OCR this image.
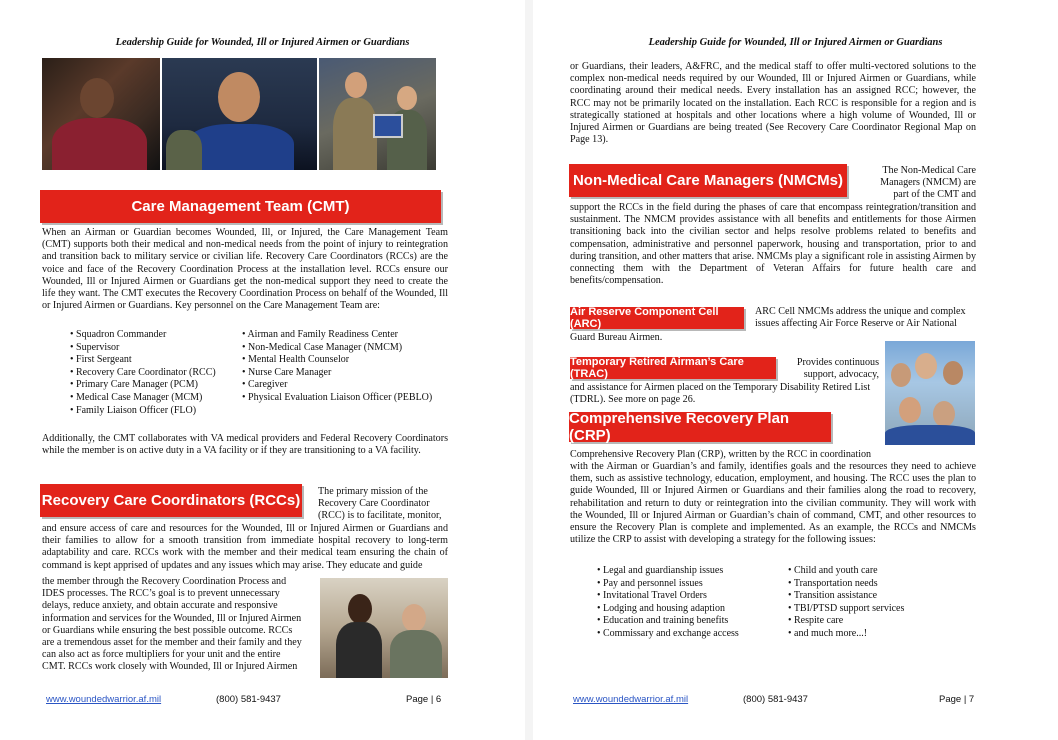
Leadership Guide for Wounded, Ill or Injured Airmen or Guardians
Care Management Team (CMT)
When an Airman or Guardian becomes Wounded, Ill, or Injured, the Care Management Team (CMT) supports both their medical and non-medical needs from the point of injury to reintegration and transition back to military service or civilian life. Recovery Care Coordinators (RCCs) are the voice and face of the Recovery Coordination Process at the installation level. RCCs ensure our Wounded, Ill or Injured Airmen or Guardians get the non-medical support they need to create the life they want. The CMT executes the Recovery Coordination Process on behalf of the Wounded, Ill or Injured Airmen or Guardians. Key personnel on the Care Management Team are:
• Squadron Commander
• Supervisor
• First Sergeant
• Recovery Care Coordinator (RCC)
• Primary Care Manager (PCM)
• Medical Case Manager (MCM)
• Family Liaison Officer (FLO)
• Airman and Family Readiness Center
• Non-Medical Case Manager (NMCM)
• Mental Health Counselor
• Nurse Care Manager
• Caregiver
• Physical Evaluation Liaison Officer (PEBLO)
Additionally, the CMT collaborates with VA medical providers and Federal Recovery Coordinators while the member is on active duty in a VA facility or if they are transitioning to a VA facility.
Recovery Care Coordinators (RCCs)

The primary mission of the

Recovery Care Coordinator

(RCC) is to facilitate, monitor,

and ensure access of care and resources for the Wounded, Ill or Injured Airmen or Guardians and their families to allow for a smooth transition from immediate hospital recovery to long-term adaptability and care. RCCs work with the member and their medical team ensuring the chain of command is kept apprised of updates and any issues which may arise. They educate and guide

the member through the Recovery Coordination Process and

IDES processes. The RCC’s goal is to prevent unnecessary

delays, reduce anxiety, and obtain accurate and responsive

information and services for the Wounded, Ill or Injured Airmen

or Guardians while ensuring the best possible outcome. RCCs

are a tremendous asset for the member and their family and they

can also act as force multipliers for your unit and the entire

CMT. RCCs work closely with Wounded, Ill or Injured Airmen

www.woundedwarrior.af.mil	(800) 581-9437	Page | 6
Leadership Guide for Wounded, Ill or Injured Airmen or Guardians
or Guardians, their leaders, A&FRC, and the medical staff to offer multi-vectored solutions to the complex non-medical needs required by our Wounded, Ill or Injured Airmen or Guardians, while coordinating around their medical needs. Every installation has an assigned RCC; however, the RCC may not be primarily located on the installation. Each RCC is responsible for a region and is strategically stationed at hospitals and other locations where a high volume of Wounded, Ill or Injured Airmen or Guardians are being treated (See Recovery Care Coordinator Regional Map on Page 13).
Non-Medical Care Managers (NMCMs)

The Non-Medical Care

Managers (NMCM) are

part of the CMT and

support the RCCs in the field during the phases of care that encompass reintegration/transition and sustainment. The NMCM provides assistance with all benefits and entitlements for those Airmen transitioning back into the civilian sector and helps resolve problems related to benefits and compensation, administrative and personnel paperwork, housing and transportation, prior to and during transition, and other matters that arise. NMCMs play a significant role in assisting Airmen by connecting them with the Department of Veteran Affairs for future health care and benefits/compensation.
Air Reserve Component Cell (ARC)

ARC Cell NMCMs address the unique and complex

issues affecting Air Force Reserve or Air National

Guard Bureau Airmen.
Temporary Retired Airman’s Care (TRAC)

Provides continuous

support, advocacy,

and assistance for Airmen placed on the Temporary Disability Retired List (TDRL). See more on page 26.
Comprehensive Recovery Plan (CRP)
Comprehensive Recovery Plan (CRP), written by the RCC in coordination
with the Airman or Guardian’s and family, identifies goals and the resources they need to achieve them, such as assistive technology, education, employment, and housing. The RCC uses the plan to guide Wounded, Ill or Injured Airmen or Guardians and their families along the road to recovery, rehabilitation and return to duty or reintegration into the civilian community. They will work with the Wounded, Ill or Injured Airman or Guardian’s chain of command, CMT, and other resources to ensure the Recovery Plan is complete and implemented. As an example, the RCCs and NMCMs utilize the CRP to assist with developing a strategy for the following issues:
• Legal and guardianship issues
• Pay and personnel issues
• Invitational Travel Orders
• Lodging and housing adaption
• Education and training benefits
• Commissary and exchange access
• Child and youth care
• Transportation needs
• Transition assistance
• TBI/PTSD support services
• Respite care
• and much more...!
www.woundedwarrior.af.mil	(800) 581-9437	Page | 7
